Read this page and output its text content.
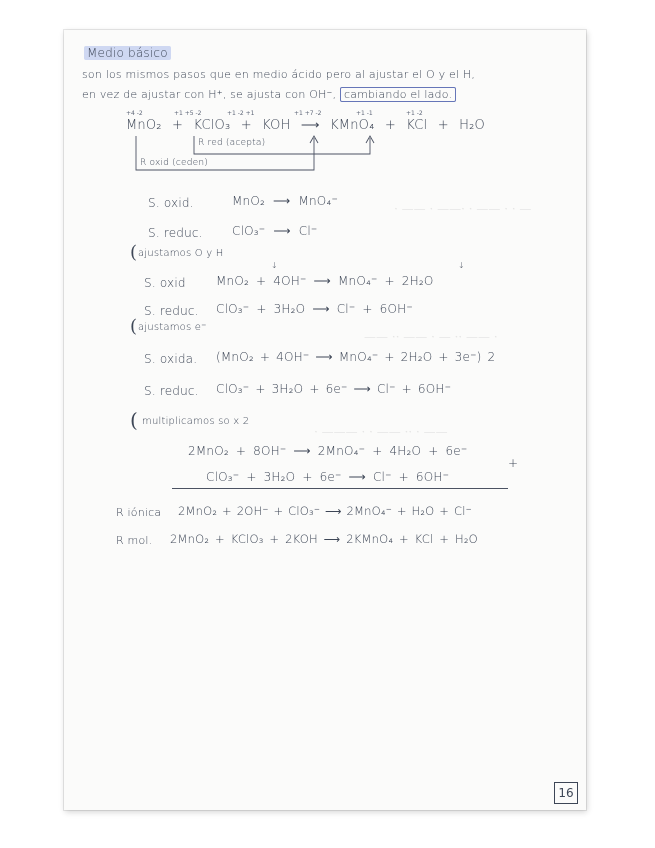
— · · —— · ·—— · —— ·
· —— ·· — · —— ·· ——
—— · ·· —— · · ——— ·
Medio básico
son los mismos pasos que en medio ácido pero al ajustar el O y el H,
en vez de ajustar con H⁺, se ajusta con OH⁻, cambiando el lado.
+4 -2	+1 +5 -2	+1 -2 +1	+1 +7 -2	+1 -1	+1 -2
MnO₂ + KClO₃ + KOH ⟶ KMnO₄ + KCl + H₂O
R red (acepta)
R oxid (ceden)
S. oxid.	MnO₂ ⟶ MnO₄⁻
S. reduc. ClO₃⁻ ⟶ Cl⁻
( ajustamos O y H
↓	↓
S. oxid	MnO₂ + 4OH⁻ ⟶ MnO₄⁻ + 2H₂O
S. reduc. ClO₃⁻ + 3H₂O ⟶ Cl⁻ + 6OH⁻
( ajustamos e⁻
S. oxida. (MnO₂ + 4OH⁻ ⟶ MnO₄⁻ + 2H₂O + 3e⁻) 2
S. reduc. ClO₃⁻ + 3H₂O + 6e⁻ ⟶ Cl⁻ + 6OH⁻
( multiplicamos so x 2
2MnO₂ + 8OH⁻ ⟶ 2MnO₄⁻ + 4H₂O + 6e⁻
ClO₃⁻ + 3H₂O + 6e⁻ ⟶ Cl⁻ + 6OH⁻
+
R iónica 2MnO₂ + 2OH⁻ + ClO₃⁻ ⟶ 2MnO₄⁻ + H₂O + Cl⁻
R mol. 2MnO₂ + KClO₃ + 2KOH ⟶ 2KMnO₄ + KCl + H₂O
16
